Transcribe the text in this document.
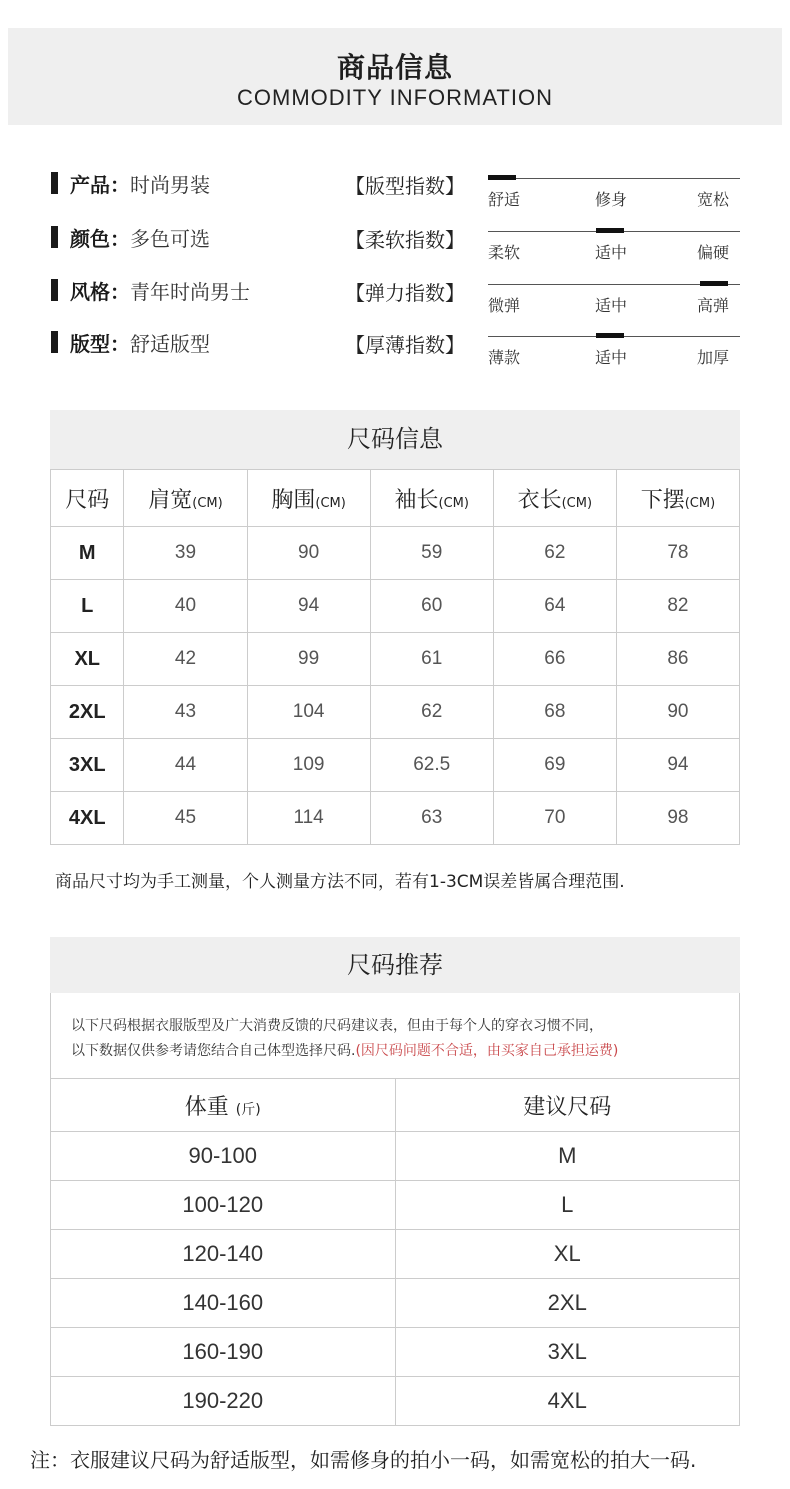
商品信息
COMMODITY INFORMATION
产品 ： 时尚男装
颜色 ： 多色可选
风格 ： 青年时尚男士
版型 ： 舒适版型
【版型指数】
【柔软指数】
【弹力指数】
【厚薄指数】
舒适	修身	宽松
柔软	适中	偏硬
微弹	适中	高弹
薄款	适中	加厚
尺码信息
尺码	肩宽(CM)	胸围(CM)	袖长(CM)	衣长(CM)	下摆(CM)
M	39	90	59	62	78
L	40	94	60	64	82
XL	42	99	61	66	86
2XL	43	104	62	68	90
3XL	44	109	62.5	69	94
4XL	45	114	63	70	98
商品尺寸均为手工测量，个人测量方法不同，若有1-3CM误差皆属合理范围.
尺码推荐
以下尺码根据衣服版型及广大消费反馈的尺码建议表，但由于每个人的穿衣习惯不同，
以下数据仅供参考请您结合自己体型选择尺码.(因尺码问题不合适，由买家自己承担运费)
体重 (斤)	建议尺码
90-100	M
100-120	L
120-140	XL
140-160	2XL
160-190	3XL
190-220	4XL
注：衣服建议尺码为舒适版型，如需修身的拍小一码，如需宽松的拍大一码.
